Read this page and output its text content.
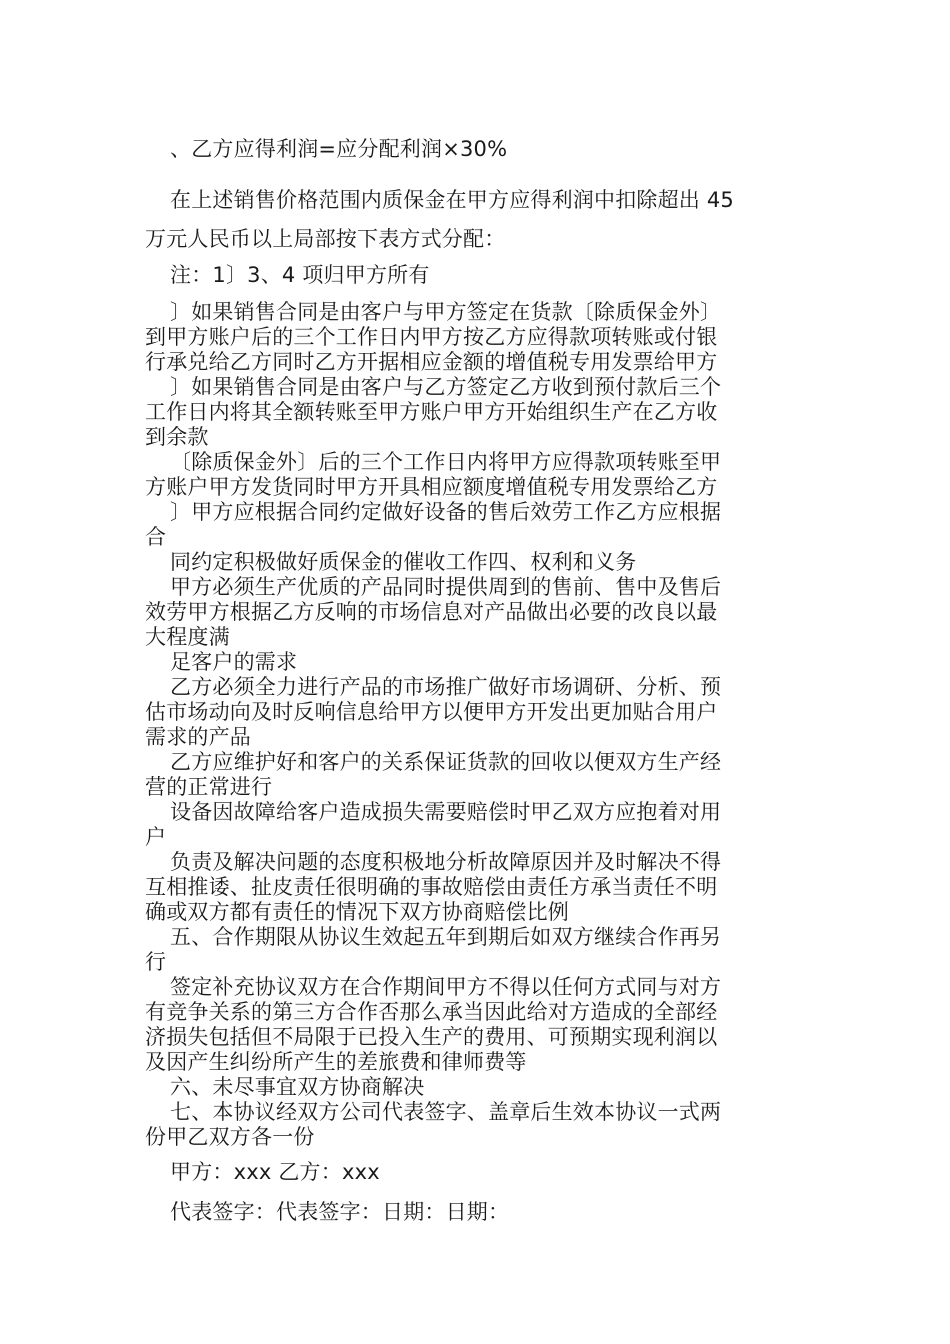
、乙方应得利润=应分配利润×30%
在上述销售价格范围内质保金在甲方应得利润中扣除超出 45
万元人民币以上局部按下表方式分配：
注：1〕3、4 项归甲方所有
〕如果销售合同是由客户与甲方签定在货款〔除质保金外〕
到甲方账户后的三个工作日内甲方按乙方应得款项转账或付银
行承兑给乙方同时乙方开据相应金额的增值税专用发票给甲方
〕如果销售合同是由客户与乙方签定乙方收到预付款后三个
工作日内将其全额转账至甲方账户甲方开始组织生产在乙方收
到余款
〔除质保金外〕后的三个工作日内将甲方应得款项转账至甲
方账户甲方发货同时甲方开具相应额度增值税专用发票给乙方
〕甲方应根据合同约定做好设备的售后效劳工作乙方应根据
合
同约定积极做好质保金的催收工作四、权利和义务
甲方必须生产优质的产品同时提供周到的售前、售中及售后
效劳甲方根据乙方反响的市场信息对产品做出必要的改良以最
大程度满
足客户的需求
乙方必须全力进行产品的市场推广做好市场调研、分析、预
估市场动向及时反响信息给甲方以便甲方开发出更加贴合用户
需求的产品
乙方应维护好和客户的关系保证货款的回收以便双方生产经
营的正常进行
设备因故障给客户造成损失需要赔偿时甲乙双方应抱着对用
户
负责及解决问题的态度积极地分析故障原因并及时解决不得
互相推诿、扯皮责任很明确的事故赔偿由责任方承当责任不明
确或双方都有责任的情况下双方协商赔偿比例
五、合作期限从协议生效起五年到期后如双方继续合作再另
行
签定补充协议双方在合作期间甲方不得以任何方式同与对方
有竞争关系的第三方合作否那么承当因此给对方造成的全部经
济损失包括但不局限于已投入生产的费用、可预期实现利润以
及因产生纠纷所产生的差旅费和律师费等
六、未尽事宜双方协商解决
七、本协议经双方公司代表签字、盖章后生效本协议一式两
份甲乙双方各一份
甲方：xxx 乙方：xxx
代表签字：代表签字：日期：日期：
